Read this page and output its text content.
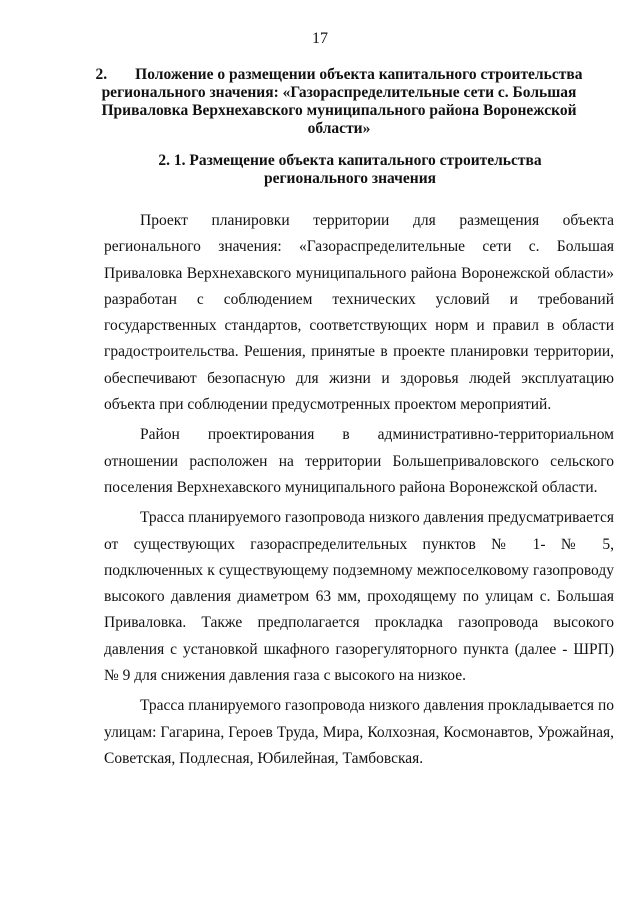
17
2. Положение о размещении объекта капитального строительства регионального значения: «Газораспределительные сети с. Большая Приваловка Верхнехавского муниципального района Воронежской области»
2. 1. Размещение объекта капитального строительства регионального значения

Проект планировки территории для размещения объекта регионального значения: «Газораспределительные сети с. Большая Приваловка Верхнехавского муниципального района Воронежской области» разработан с соблюдением технических условий и требований государственных стандартов, соответствующих норм и правил в области градостроительства. Решения, принятые в проекте планировки территории, обеспечивают безопасную для жизни и здоровья людей эксплуатацию объекта при соблюдении предусмотренных проектом мероприятий.

Район проектирования в административно-территориальном отношении расположен на территории Большеприваловского сельского поселения Верхнехавского муниципального района Воронежской области.

Трасса планируемого газопровода низкого давления предусматривается от существующих газораспределительных пунктов № 1- № 5, подключенных к существующему подземному межпоселковому газопроводу высокого давления диаметром 63 мм, проходящему по улицам с. Большая Приваловка. Также предполагается прокладка газопровода высокого давления с установкой шкафного газорегуляторного пункта (далее - ШРП) № 9 для снижения давления газа с высокого на низкое.

Трасса планируемого газопровода низкого давления прокладывается по улицам: Гагарина, Героев Труда, Мира, Колхозная, Космонавтов, Урожайная, Советская, Подлесная, Юбилейная, Тамбовская.
